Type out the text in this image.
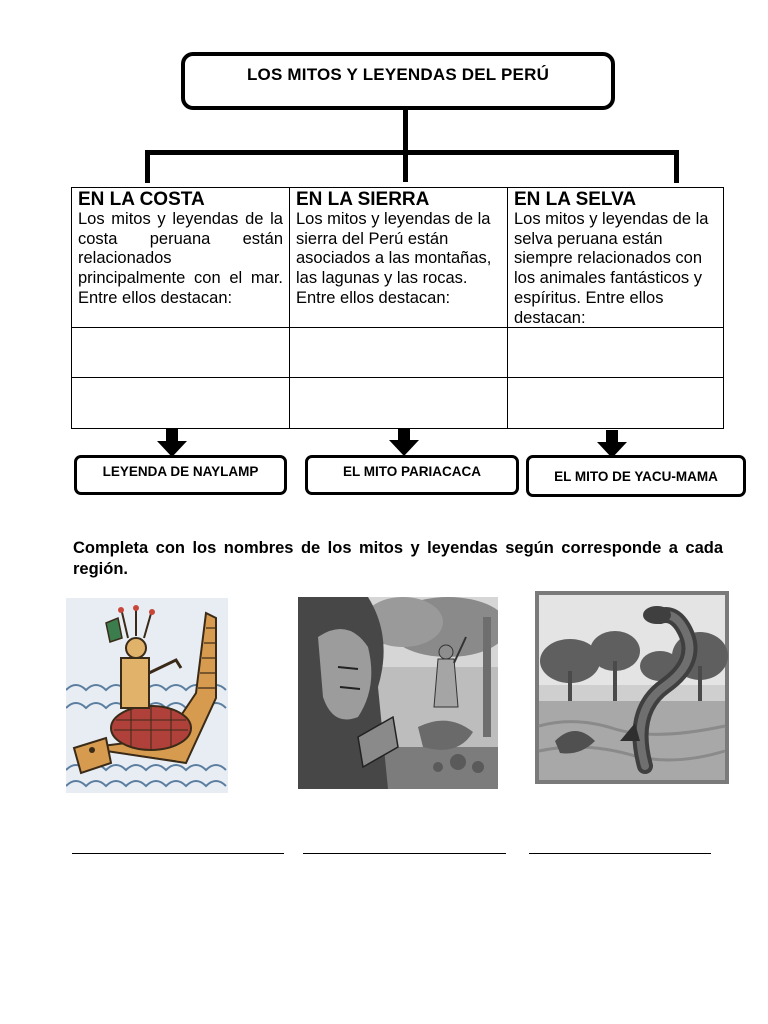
LOS MITOS Y LEYENDAS DEL PERÚ
EN LA COSTA

Los mitos y leyendas de la costa peruana están relacionados principalmente con el mar. Entre ellos destacan:

EN LA SIERRA

Los mitos y leyendas de la sierra del Perú están asociados a las montañas, las lagunas y las rocas. Entre ellos destacan:

EN LA SELVA

Los mitos y leyendas de la selva peruana están siempre relacionados con los animales fantásticos y espíritus. Entre ellos destacan:

LEYENDA DE NAYLAMP	EL MITO PARIACACA	EL MITO DE YACU-MAMA
Completa con los nombres de los mitos y leyendas según corresponde a cada región.
